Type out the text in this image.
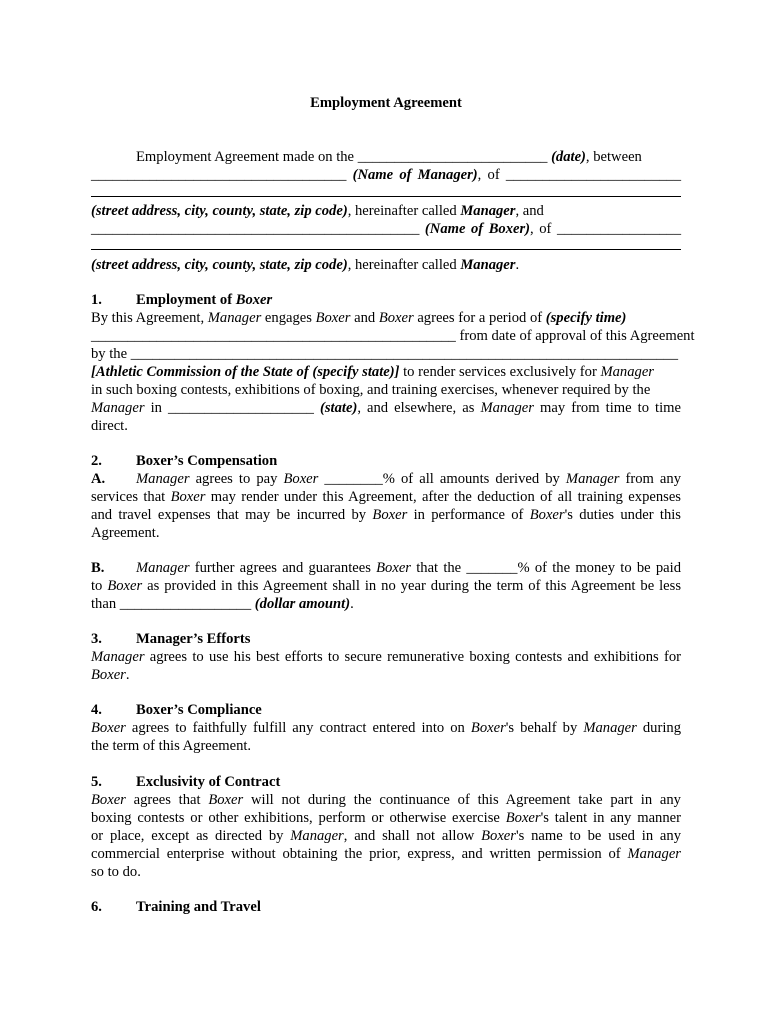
Employment Agreement
Employment Agreement made on the __________________________ (date), between
___________________________________ (Name of Manager), of ________________________
(street address, city, county, state, zip code), hereinafter called Manager, and
_____________________________________________ (Name of Boxer), of _________________
(street address, city, county, state, zip code), hereinafter called Manager.
1. Employment of Boxer
By this Agreement, Manager engages Boxer and Boxer agrees for a period of (specify time)
__________________________________________________ from date of approval of this Agreement
by the ___________________________________________________________________________
[Athletic Commission of the State of (specify state)] to render services exclusively for Manager
in such boxing contests, exhibitions of boxing, and training exercises, whenever required by the
Manager in ____________________ (state), and elsewhere, as Manager may from time to time
direct.
2. Boxer’s Compensation
A. Manager agrees to pay Boxer ________% of all amounts derived by Manager from any
services that Boxer may render under this Agreement, after the deduction of all training expenses
and travel expenses that may be incurred by Boxer in performance of Boxer's duties under this
Agreement.
B. Manager further agrees and guarantees Boxer that the _______% of the money to be paid
to Boxer as provided in this Agreement shall in no year during the term of this Agreement be less
than __________________ (dollar amount).
3. Manager’s Efforts
Manager agrees to use his best efforts to secure remunerative boxing contests and exhibitions for
Boxer.
4. Boxer’s Compliance
Boxer agrees to faithfully fulfill any contract entered into on Boxer's behalf by Manager during
the term of this Agreement.
5. Exclusivity of Contract
Boxer agrees that Boxer will not during the continuance of this Agreement take part in any
boxing contests or other exhibitions, perform or otherwise exercise Boxer's talent in any manner
or place, except as directed by Manager, and shall not allow Boxer's name to be used in any
commercial enterprise without obtaining the prior, express, and written permission of Manager
so to do.
6. Training and Travel
